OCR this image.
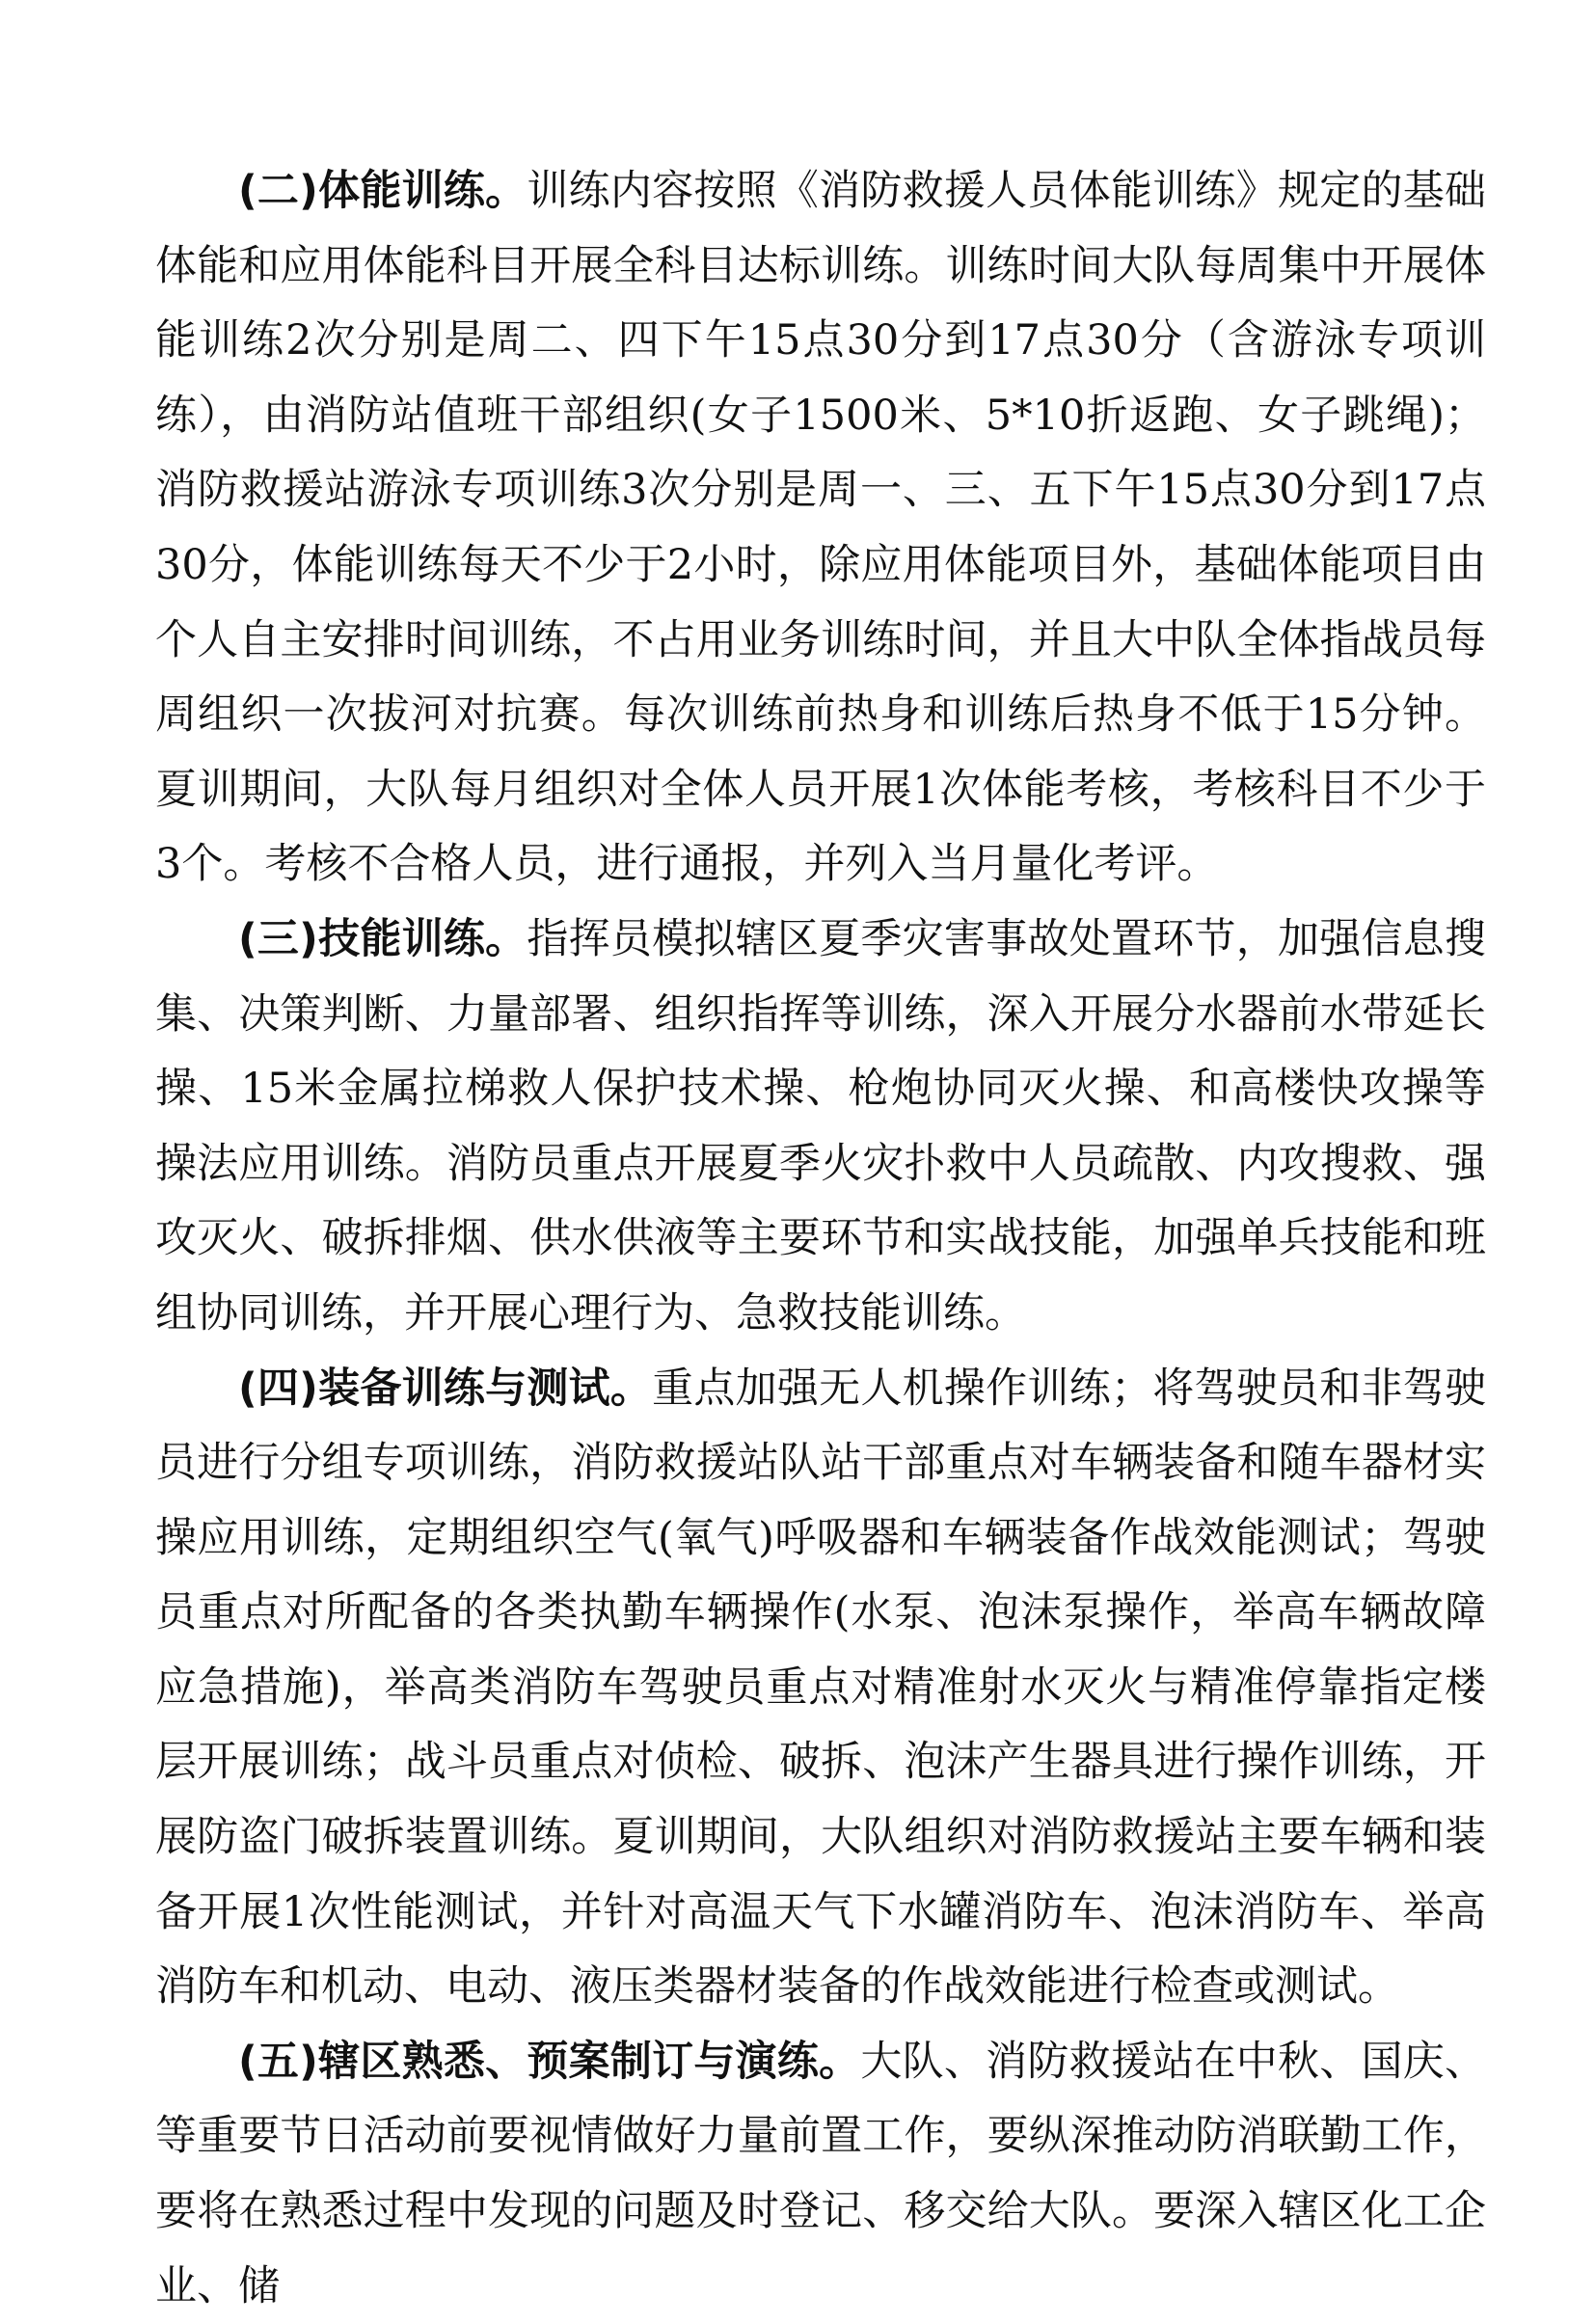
(二)体能训练。训练内容按照《消防救援人员体能训练》规定的基础体能和应用体能科目开展全科目达标训练。训练时间大队每周集中开展体能训练2次分别是周二、四下午15点30分到17点30分（含游泳专项训练），由消防站值班干部组织(女子1500米、5*10折返跑、女子跳绳)；消防救援站游泳专项训练3次分别是周一、三、五下午15点30分到17点30分，体能训练每天不少于2小时，除应用体能项目外，基础体能项目由个人自主安排时间训练，不占用业务训练时间，并且大中队全体指战员每周组织一次拔河对抗赛。每次训练前热身和训练后热身不低于15分钟。夏训期间，大队每月组织对全体人员开展1次体能考核，考核科目不少于3个。考核不合格人员，进行通报，并列入当月量化考评。

(三)技能训练。指挥员模拟辖区夏季灾害事故处置环节，加强信息搜集、决策判断、力量部署、组织指挥等训练，深入开展分水器前水带延长操、15米金属拉梯救人保护技术操、枪炮协同灭火操、和高楼快攻操等操法应用训练。消防员重点开展夏季火灾扑救中人员疏散、内攻搜救、强攻灭火、破拆排烟、供水供液等主要环节和实战技能，加强单兵技能和班组协同训练，并开展心理行为、急救技能训练。

(四)装备训练与测试。重点加强无人机操作训练；将驾驶员和非驾驶员进行分组专项训练，消防救援站队站干部重点对车辆装备和随车器材实操应用训练，定期组织空气(氧气)呼吸器和车辆装备作战效能测试；驾驶员重点对所配备的各类执勤车辆操作(水泵、泡沫泵操作，举高车辆故障应急措施)，举高类消防车驾驶员重点对精准射水灭火与精准停靠指定楼层开展训练；战斗员重点对侦检、破拆、泡沫产生器具进行操作训练，开展防盗门破拆装置训练。夏训期间，大队组织对消防救援站主要车辆和装备开展1次性能测试，并针对高温天气下水罐消防车、泡沫消防车、举高消防车和机动、电动、液压类器材装备的作战效能进行检查或测试。

(五)辖区熟悉、预案制订与演练。大队、消防救援站在中秋、国庆、等重要节日活动前要视情做好力量前置工作，要纵深推动防消联勤工作，要将在熟悉过程中发现的问题及时登记、移交给大队。要深入辖区化工企业、储
